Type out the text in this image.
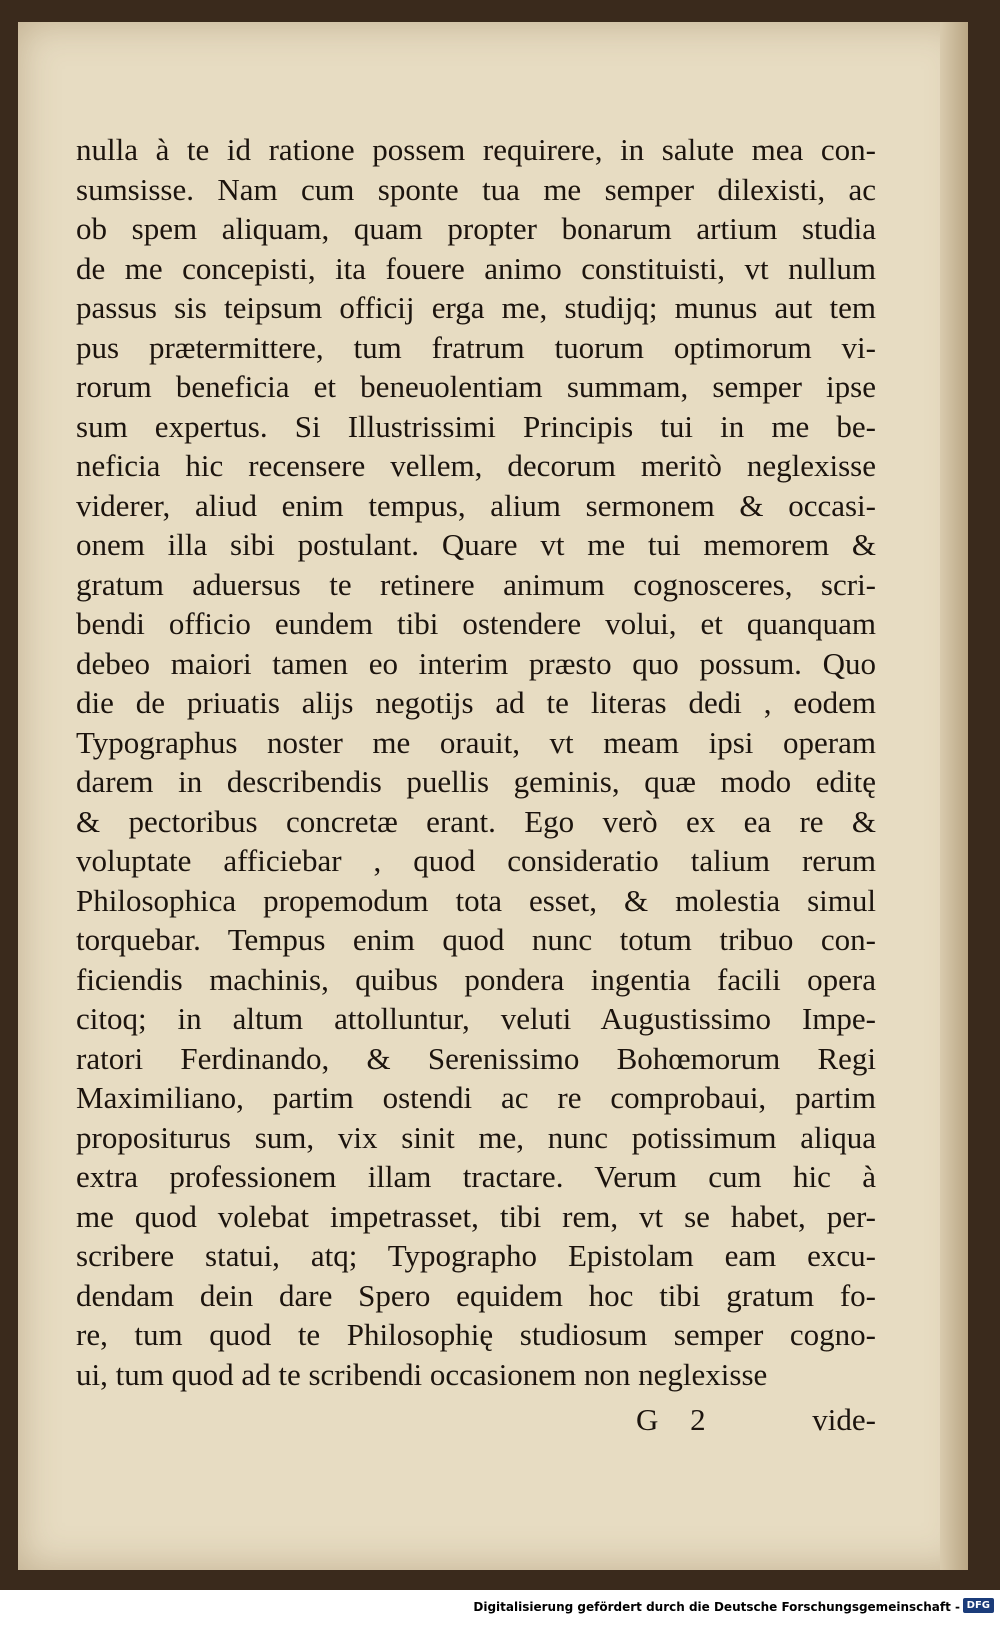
nulla à te id ratione possem requirere, in salute mea con-
sumsisse. Nam cum sponte tua me semper dilexisti, ac
ob spem aliquam, quam propter bonarum artium studia
de me concepisti, ita fouere animo constituisti, vt nullum
passus sis teipsum officij erga me, studijq; munus aut tem
pus prætermittere, tum fratrum tuorum optimorum vi-
rorum beneficia et beneuolentiam summam, semper ipse
sum expertus. Si Illustrissimi Principis tui in me be-
neficia hic recensere vellem, decorum meritò neglexisse
viderer, aliud enim tempus, alium sermonem & occasi-
onem illa sibi postulant. Quare vt me tui memorem &
gratum aduersus te retinere animum cognosceres, scri-
bendi officio eundem tibi ostendere volui, et quanquam
debeo maiori tamen eo interim præsto quo possum. Quo
die de priuatis alijs negotijs ad te literas dedi , eodem
Typographus noster me orauit, vt meam ipsi operam
darem in describendis puellis geminis, quæ modo editę
& pectoribus concretæ erant. Ego verò ex ea re &
voluptate afficiebar , quod consideratio talium rerum
Philosophica propemodum tota esset, & molestia simul
torquebar. Tempus enim quod nunc totum tribuo con-
ficiendis machinis, quibus pondera ingentia facili opera
citoq; in altum attolluntur, veluti Augustissimo Impe-
ratori Ferdinando, & Serenissimo Bohœmorum Regi
Maximiliano, partim ostendi ac re comprobaui, partim
propositurus sum, vix sinit me, nunc potissimum aliqua
extra professionem illam tractare. Verum cum hic à
me quod volebat impetrasset, tibi rem, vt se habet, per-
scribere statui, atq; Typographo Epistolam eam excu-
dendam dein dare Spero equidem hoc tibi gratum fo-
re, tum quod te Philosophię studiosum semper cogno-
ui, tum quod ad te scribendi occasionem non neglexisse
G 2	vide-
Digitalisierung gefördert durch die Deutsche Forschungsgemeinschaft - DFG
